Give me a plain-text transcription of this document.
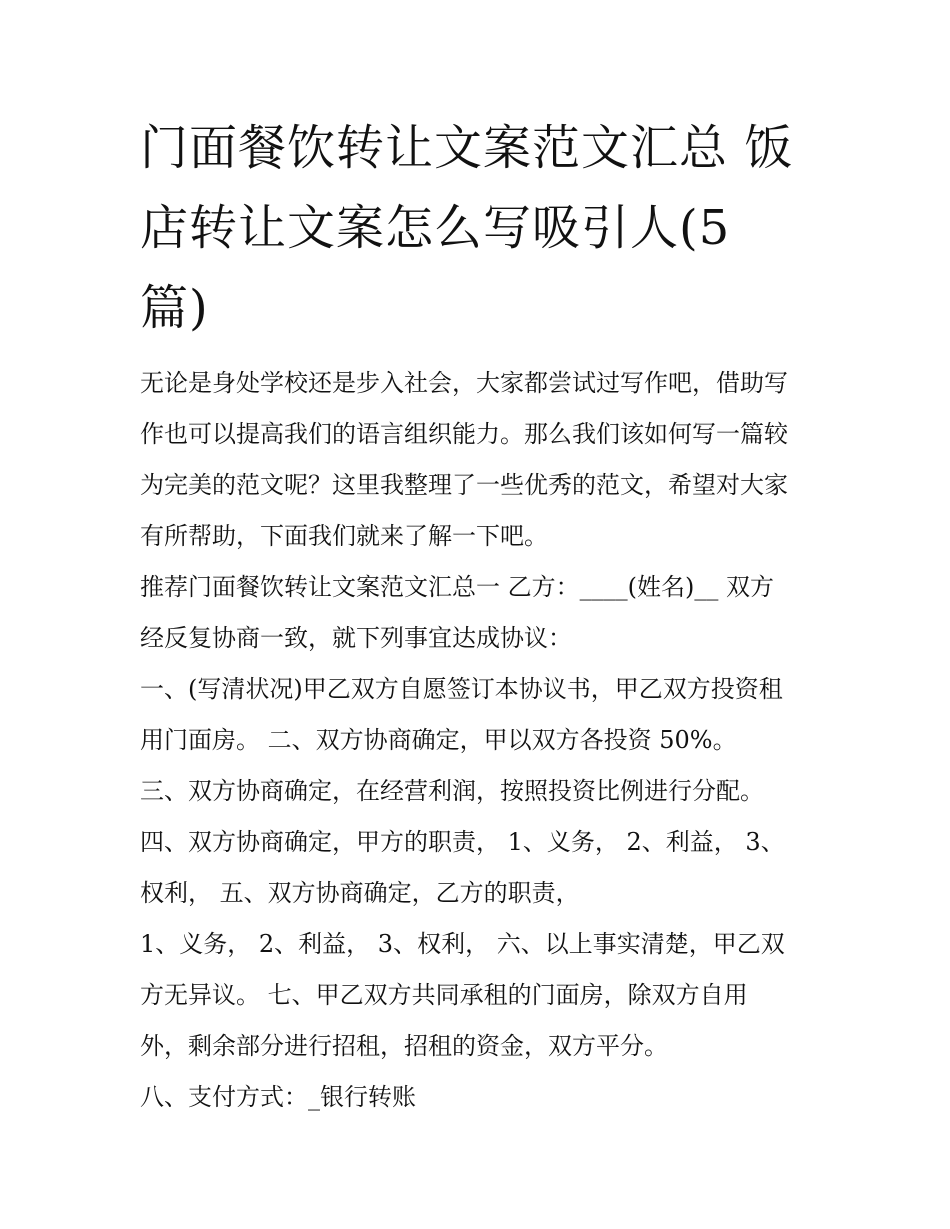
门面餐饮转让文案范文汇总 饭
店转让文案怎么写吸引人(5
篇)
无论是身处学校还是步入社会，大家都尝试过写作吧，借助写
作也可以提高我们的语言组织能力。那么我们该如何写一篇较
为完美的范文呢？这里我整理了一些优秀的范文，希望对大家
有所帮助，下面我们就来了解一下吧。
推荐门面餐饮转让文案范文汇总一 乙方：____(姓名)__ 双方
经反复协商一致，就下列事宜达成协议：
一、(写清状况)甲乙双方自愿签订本协议书，甲乙双方投资租
用门面房。 二、双方协商确定，甲以双方各投资 50%。
三、双方协商确定，在经营利润，按照投资比例进行分配。
四、双方协商确定，甲方的职责， 1、义务， 2、利益， 3、
权利， 五、双方协商确定，乙方的职责，
1、义务， 2、利益， 3、权利， 六、以上事实清楚，甲乙双
方无异议。 七、甲乙双方共同承租的门面房，除双方自用
外，剩余部分进行招租，招租的资金，双方平分。
八、支付方式：_银行转账
